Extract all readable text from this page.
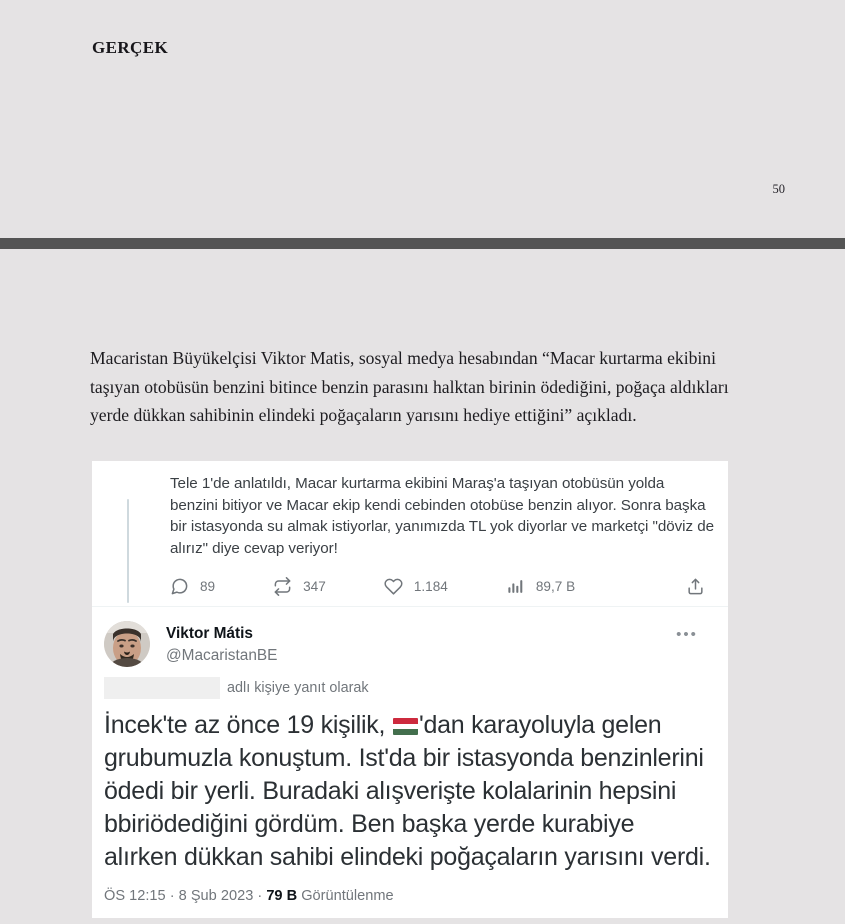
GERÇEK
50
Macaristan Büyükelçisi Viktor Matis, sosyal medya hesabından “Macar kurtarma ekibini taşıyan otobüsün benzini bitince benzin parasını halktan birinin ödediğini, poğaça aldıkları yerde dükkan sahibinin elindeki poğaçaların yarısını hediye ettiğini” açıkladı.
Tele 1'de anlatıldı, Macar kurtarma ekibini Maraş'a taşıyan otobüsün yolda benzini bitiyor ve Macar ekip kendi cebinden otobüse benzin alıyor. Sonra başka bir istasyonda su almak istiyorlar, yanımızda TL yok diyorlar ve marketçi "döviz de alırız" diye cevap veriyor!
89	347	1.184	89,7 B
Viktor Mátis
@MacaristanBE
•••
adlı kişiye yanıt olarak
İncek'te az önce 19 kişilik,
'dan karayoluyla gelen grubumuzla konuştum. Ist'da bir istasyonda benzinlerini ödedi bir yerli. Buradaki alışverişte kolalarinin hepsini bbiriödediğini gördüm. Ben başka yerde kurabiye alırken dükkan sahibi elindeki poğaçaların yarısını verdi.
ÖS 12:15 · 8 Şub 2023 · 79 B Görüntülenme
